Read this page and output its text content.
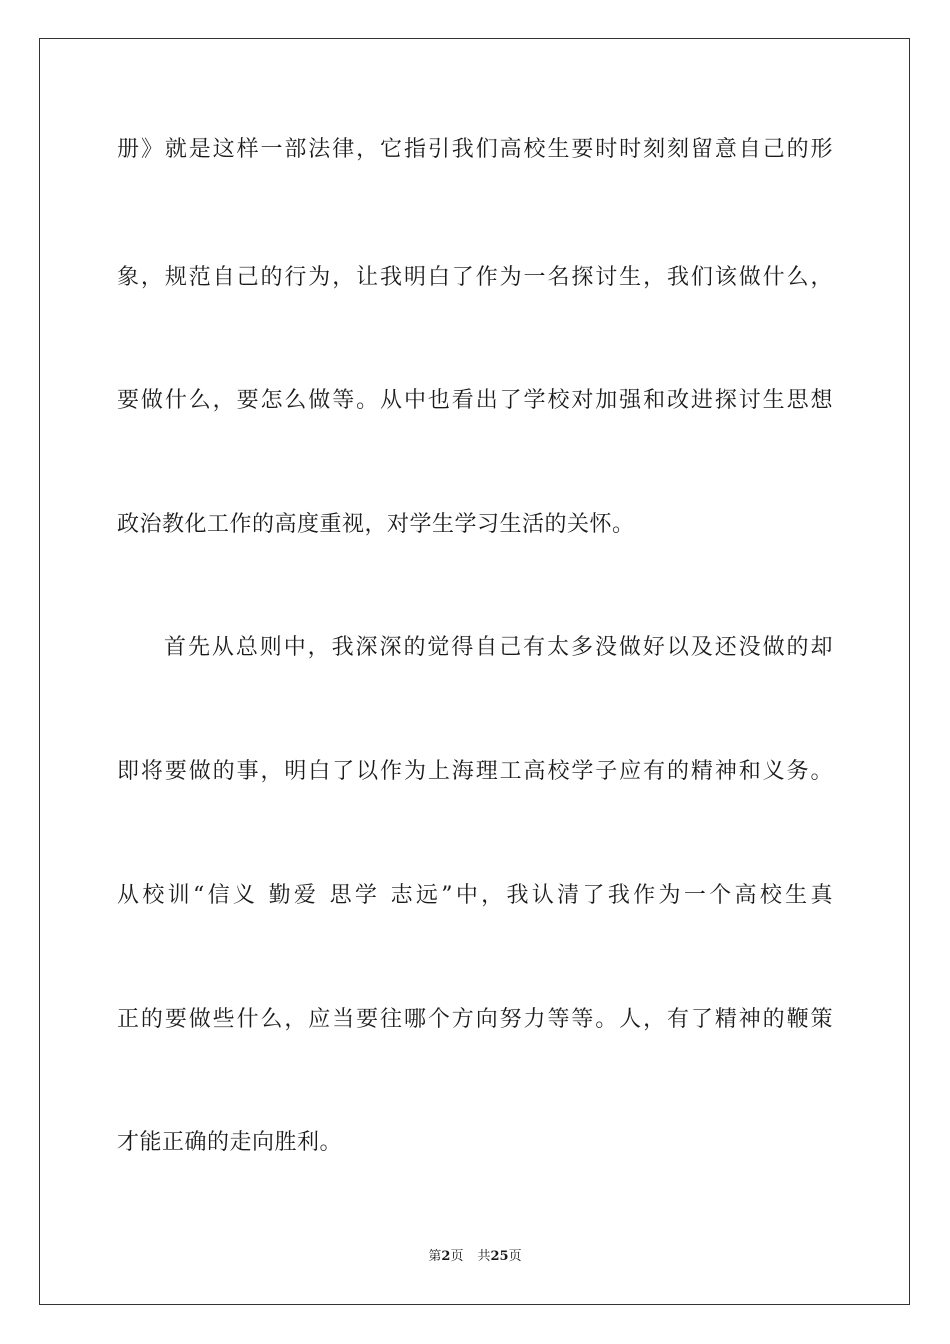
册》就是这样一部法律，它指引我们高校生要时时刻刻留意自己的形
象，规范自己的行为，让我明白了作为一名探讨生，我们该做什么，
要做什么，要怎么做等。从中也看出了学校对加强和改进探讨生思想
政治教化工作的高度重视，对学生学习生活的关怀。
首先从总则中，我深深的觉得自己有太多没做好以及还没做的却
即将要做的事，明白了以作为上海理工高校学子应有的精神和义务。
从校训“信义 勤爱 思学 志远”中，我认清了我作为一个高校生真
正的要做些什么，应当要往哪个方向努力等等。人，有了精神的鞭策
才能正确的走向胜利。
第2页 共25页
